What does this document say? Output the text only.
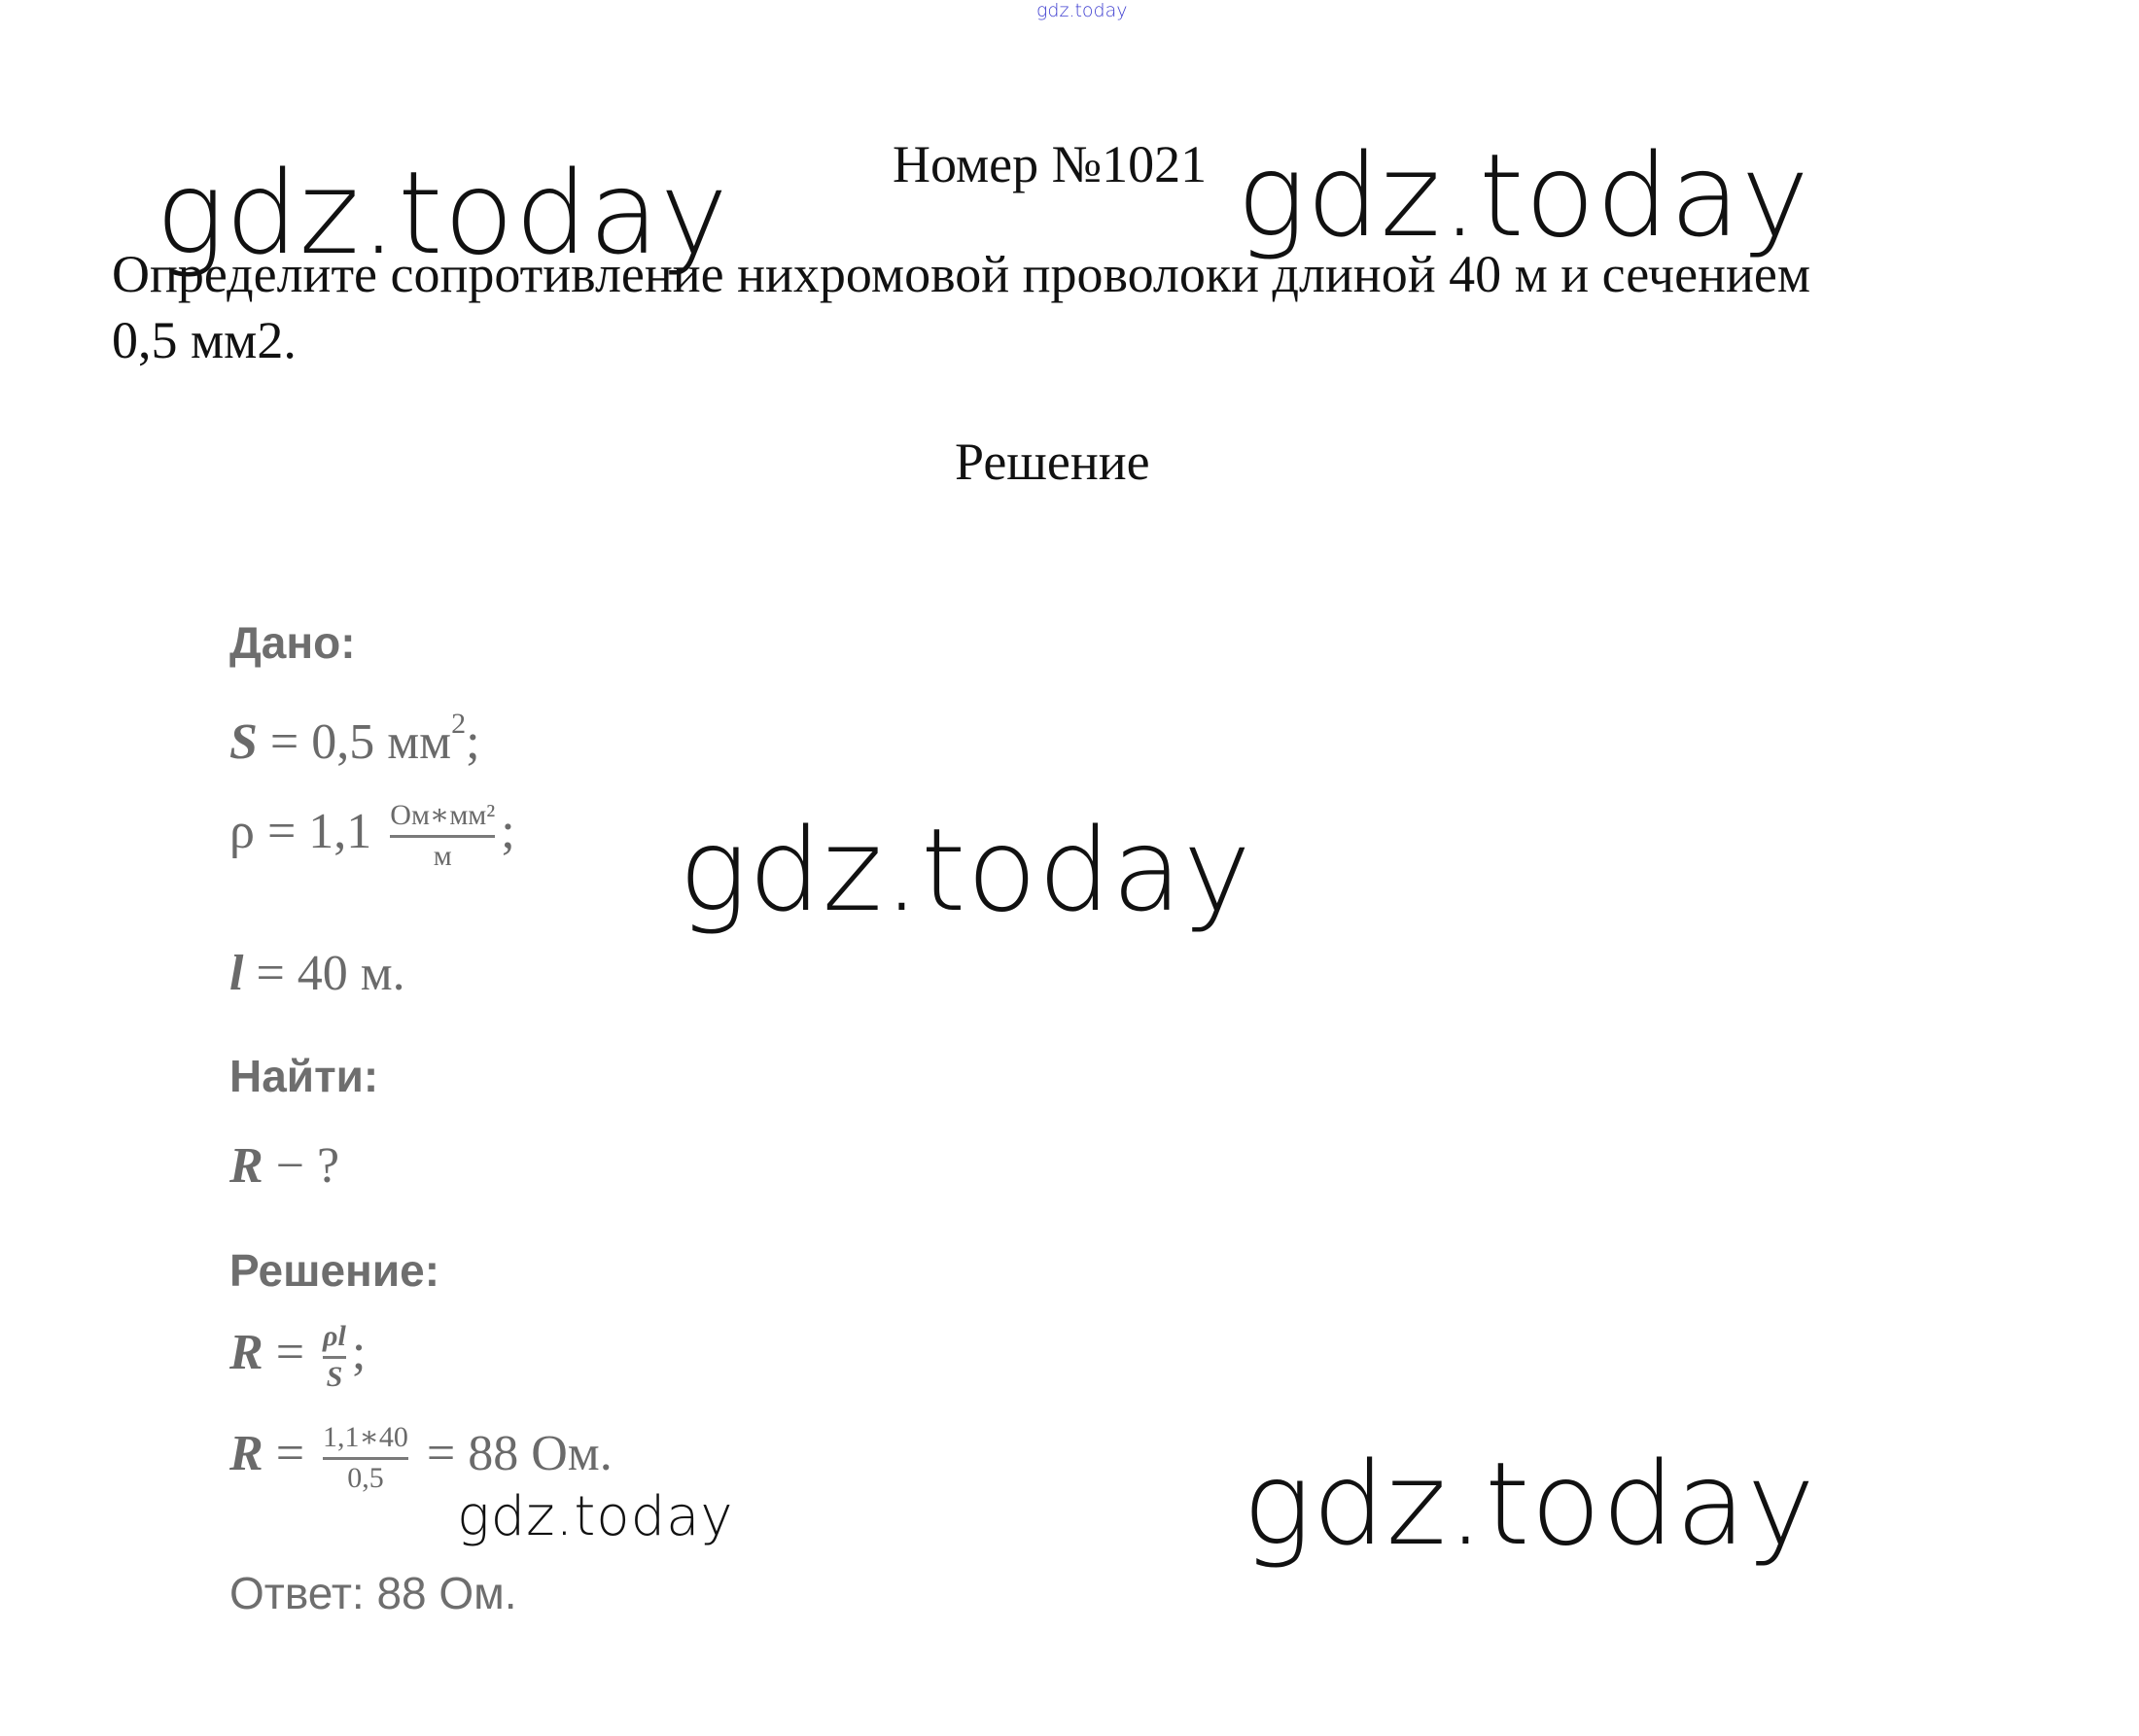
gdz.today
gdz.today	gdz.today
gdz.today
gdz.today
Номер №1021
Определите сопротивление нихромовой проволоки длиной 40 м и сечением 0,5 мм2.
Решение
Дано:
S = 0,5 $мм^2$;
$\rho = 1,1 \frac{\text{Ом∗мм²}}{м}$ ;
l = 40 м.
Найти:
R − ?
Решение:
$R = \frac{\rho l}{S}$ ;
$R = \frac{1,1∗40}{0,5} = 88$ Ом.
gdz.today
Ответ: 88 Ом.
